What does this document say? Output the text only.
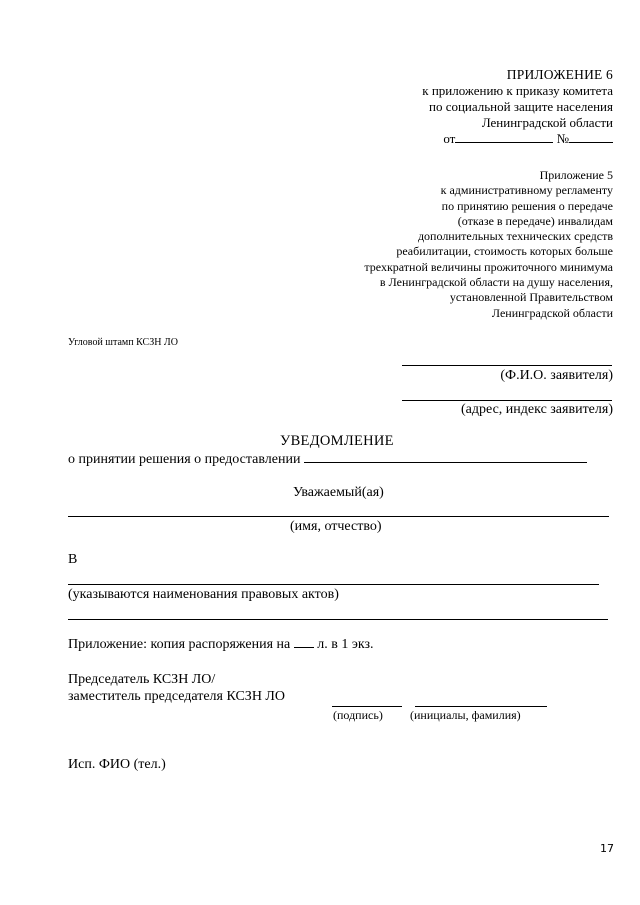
ПРИЛОЖЕНИЕ 6
к приложению к приказу комитета
по социальной защите населения
Ленинградской области
от	№
Приложение 5
к административному регламенту
по принятию решения о передаче
(отказе в передаче) инвалидам
дополнительных технических средств
реабилитации, стоимость которых больше
трехкратной величины прожиточного минимума
в Ленинградской области на душу населения,
установленной Правительством
Ленинградской области
Угловой штамп КСЗН ЛО
(Ф.И.О. заявителя)
(адрес, индекс заявителя)
УВЕДОМЛЕНИЕ
о принятии решения о предоставлении
Уважаемый(ая)
(имя, отчество)
В
(указываются наименования правовых актов)
Приложение: копия распоряжения на л. в 1 экз.
Председатель КСЗН ЛО/
заместитель председателя КСЗН ЛО
(подпись) (инициалы, фамилия)
Исп. ФИО (тел.)
17
